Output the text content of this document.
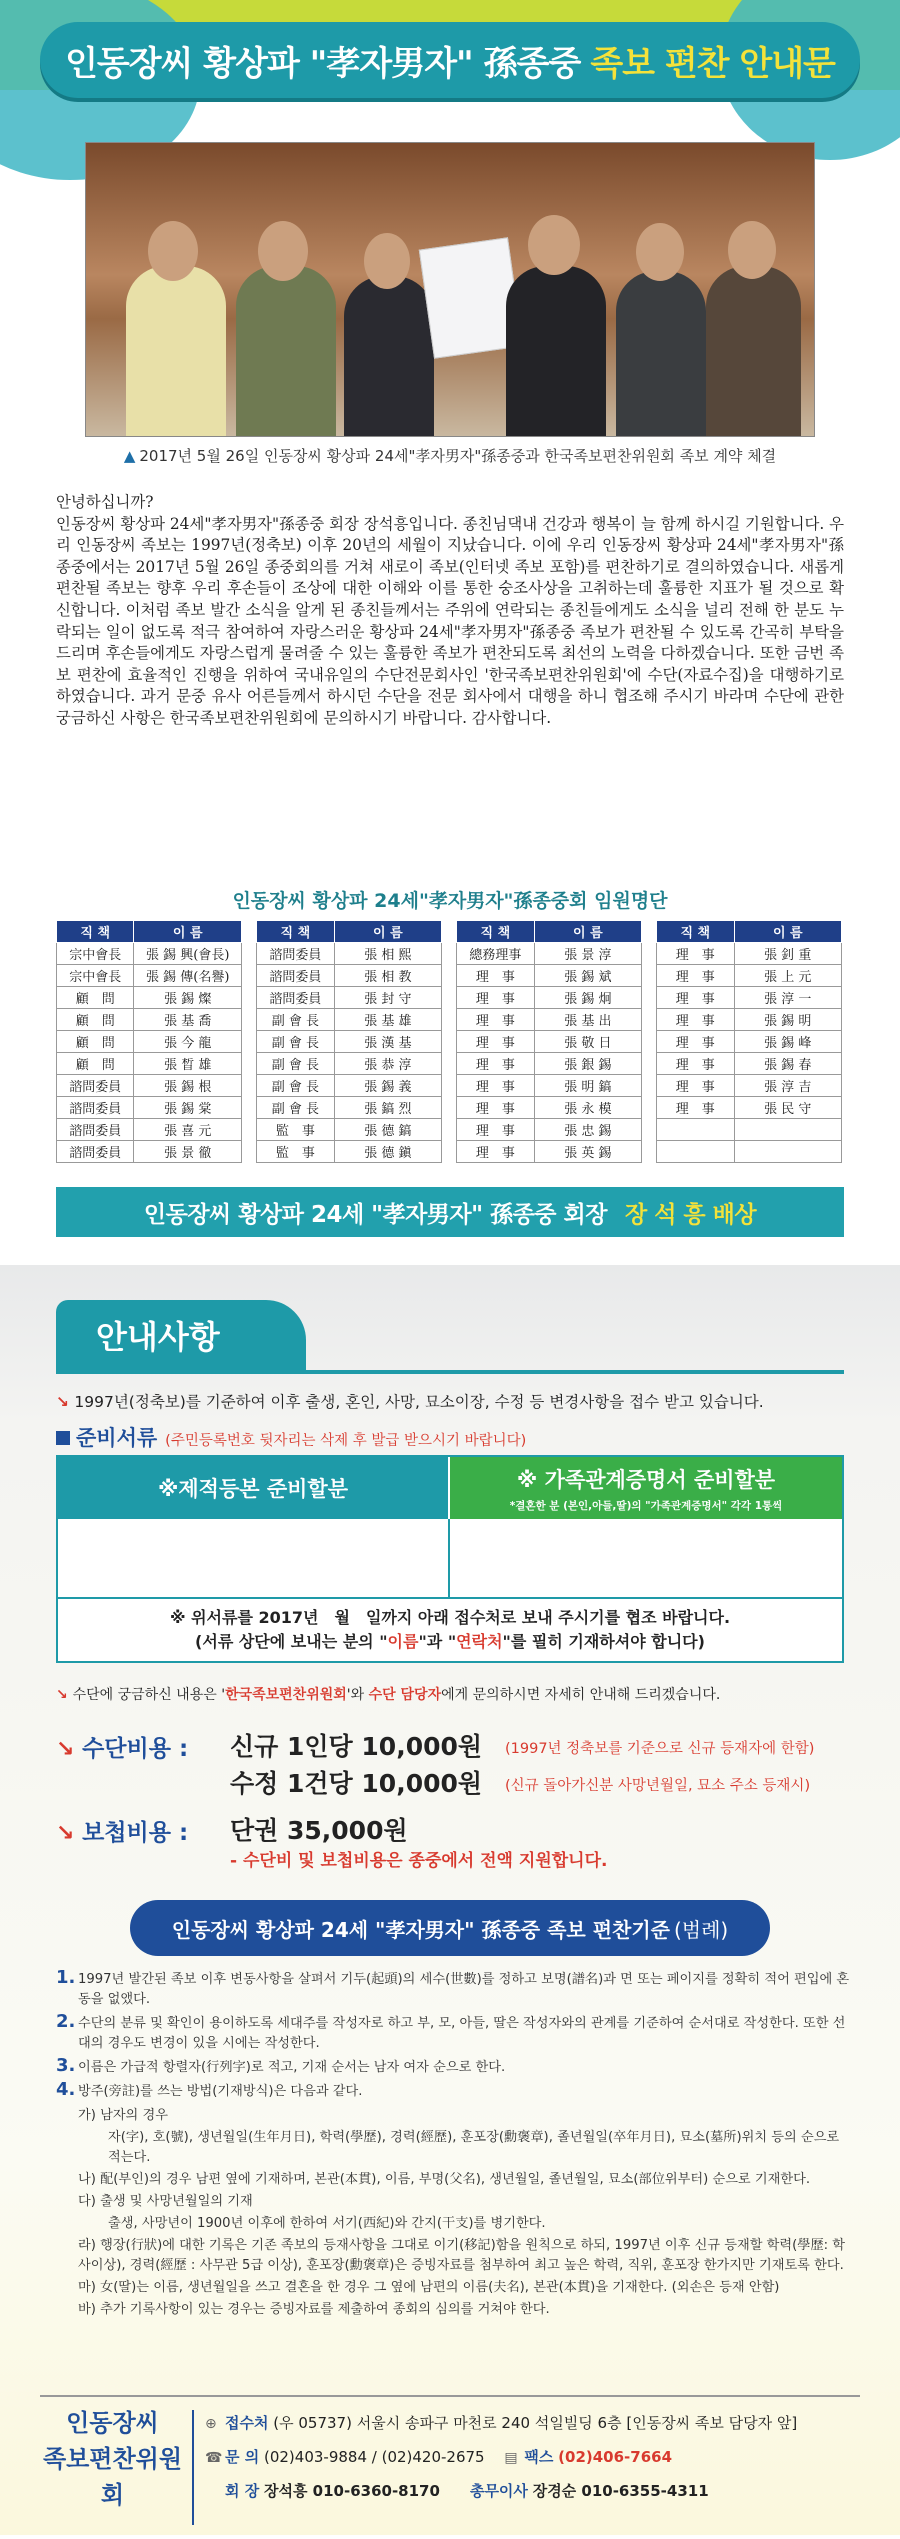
인동장씨 황상파 "孝자男자" 孫종중 족보 편찬 안내문
▲ 2017년 5월 26일 인동장씨 황상파 24세"孝자男자"孫종중과 한국족보편찬위원회 족보 계약 체결

안녕하십니까?

인동장씨 황상파 24세"孝자男자"孫종중 회장 장석흥입니다. 종친님댁내 건강과 행복이 늘 함께 하시길 기원합니다. 우리 인동장씨 족보는 1997년(정축보) 이후 20년의 세월이 지났습니다. 이에 우리 인동장씨 황상파 24세"孝자男자"孫종중에서는 2017년 5월 26일 종중회의를 거쳐 새로이 족보(인터넷 족보 포함)를 편찬하기로 결의하였습니다. 새롭게 편찬될 족보는 향후 우리 후손들이 조상에 대한 이해와 이를 통한 숭조사상을 고취하는데 훌륭한 지표가 될 것으로 확신합니다. 이처럼 족보 발간 소식을 알게 된 종친들께서는 주위에 연락되는 종친들에게도 소식을 널리 전해 한 분도 누락되는 일이 없도록 적극 참여하여 자랑스러운 황상파 24세"孝자男자"孫종중 족보가 편찬될 수 있도록 간곡히 부탁을 드리며 후손들에게도 자랑스럽게 물려줄 수 있는 훌륭한 족보가 편찬되도록 최선의 노력을 다하겠습니다. 또한 금번 족보 편찬에 효율적인 진행을 위하여 국내유일의 수단전문회사인 '한국족보편찬위원회'에 수단(자료수집)을 대행하기로 하였습니다. 과거 문중 유사 어른들께서 하시던 수단을 전문 회사에서 대행을 하니 협조해 주시기 바라며 수단에 관한 궁금하신 사항은 한국족보편찬위원회에 문의하시기 바랍니다. 감사합니다.

인동장씨 황상파 24세"孝자男자"孫종중회 임원명단
직 책	이 름
宗中會長	張 錫 興(會長)
宗中會長	張 錫 傳(名譽)
顧　問	張 錫 燦
顧　問	張 基 喬
顧　問	張 今 龍
顧　問	張 晳 雄
諮問委員	張 錫 根
諮問委員	張 錫 棠
諮問委員	張 喜 元
諮問委員	張 景 徹
직 책	이 름
諮問委員	張 相 熙
諮問委員	張 相 教
諮問委員	張 封 守
副 會 長	張 基 雄
副 會 長	張 漢 基
副 會 長	張 恭 淳
副 會 長	張 錫 義
副 會 長	張 鎬 烈
監　事	張 德 鎬
監　事	張 德 鎭
직 책	이 름
總務理事	張 景 淳
理　事	張 錫 斌
理　事	張 錫 炯
理　事	張 基 出
理　事	張 敬 日
理　事	張 銀 錫
理　事	張 明 鎬
理　事	張 永 模
理　事	張 忠 錫
理　事	張 英 錫
직 책	이 름
理　事	張 釗 重
理　事	張 上 元
理　事	張 淳 一
理　事	張 錫 明
理　事	張 錫 峰
理　事	張 錫 春
理　事	張 淳 吉
理　事	張 民 守

인동장씨 황상파 24세 "孝자男자" 孫종중 회장 장 석 흥 배상
안내사항
↘ 1997년(정축보)를 기준하여 이후 출생, 혼인, 사망, 묘소이장, 수정 등 변경사항을 접수 받고 있습니다.
준비서류 (주민등록번호 뒷자리는 삭제 후 발급 받으시기 바랍니다)
※제적등본 준비할분	※ 가족관계증명서 준비할분
*결혼한 분 (본인,아들,딸)의 "가족관계증명서" 각각 1통씩
※ 위서류를 2017년　월　일까지 아래 접수처로 보내 주시기를 협조 바랍니다.
(서류 상단에 보내는 분의 "이름"과 "연락처"를 필히 기재하셔야 합니다)
↘ 수단에 궁금하신 내용은 '한국족보편찬위원회'와 수단 담당자에게 문의하시면 자세히 안내해 드리겠습니다.
↘ 수단비용 : 신규 1인당 10,000원 (1997년 정축보를 기준으로 신규 등재자에 한함)
수정 1건당 10,000원 (신규 돌아가신분 사망년월일, 묘소 주소 등재시)
↘ 보첩비용 : 단권 35,000원
- 수단비 및 보첩비용은 종중에서 전액 지원합니다.
인동장씨 황상파 24세 "孝자男자" 孫종중 족보 편찬기준 (범례)
1. 1997년 발간된 족보 이후 변동사항을 살펴서 기두(起頭)의 세수(世數)를 정하고 보명(譜名)과 면 또는 페이지를 정확히 적어 편입에 혼동을 없앴다.
2. 수단의 분류 및 확인이 용이하도록 세대주를 작성자로 하고 부, 모, 아들, 딸은 작성자와의 관계를 기준하여 순서대로 작성한다. 또한 선대의 경우도 변경이 있을 시에는 작성한다.
3. 이름은 가급적 항렬자(行列字)로 적고, 기재 순서는 남자 여자 순으로 한다.
4. 방주(旁註)를 쓰는 방법(기재방식)은 다음과 같다.
가) 남자의 경우
자(字), 호(號), 생년월일(生年月日), 학력(學歷), 경력(經歷), 훈포장(勳褒章), 졸년월일(卒年月日), 묘소(墓所)위치 등의 순으로 적는다.
나) 配(부인)의 경우 남편 옆에 기재하며, 본관(本貫), 이름, 부명(父名), 생년월일, 졸년월일, 묘소(部位위부터) 순으로 기재한다.
다) 출생 및 사망년월일의 기재
출생, 사망년이 1900년 이후에 한하여 서기(西紀)와 간지(干支)를 병기한다.
라) 행장(行狀)에 대한 기록은 기존 족보의 등재사항을 그대로 이기(移記)함을 원칙으로 하되, 1997년 이후 신규 등재할 학력(學歷: 학사이상), 경력(經歷 : 사무관 5급 이상), 훈포장(勳褒章)은 증빙자료를 첨부하여 최고 높은 학력, 직위, 훈포장 한가지만 기재토록 한다.
마) 女(딸)는 이름, 생년월일을 쓰고 결혼을 한 경우 그 옆에 남편의 이름(夫名), 본관(本貫)을 기재한다. (외손은 등재 안함)
바) 추가 기록사항이 있는 경우는 증빙자료를 제출하여 종회의 심의를 거쳐야 한다.
인동장씨
족보편찬위원회
⊕ 접수처 (우 05737) 서울시 송파구 마천로 240 석일빌딩 6층 [인동장씨 족보 담당자 앞]
☎ 문 의 (02)403-9884 / (02)420-2675　 ▤ 팩스 (02)406-7664
회 장 장석흥 010-6360-8170　　 총무이사 장경순 010-6355-4311
